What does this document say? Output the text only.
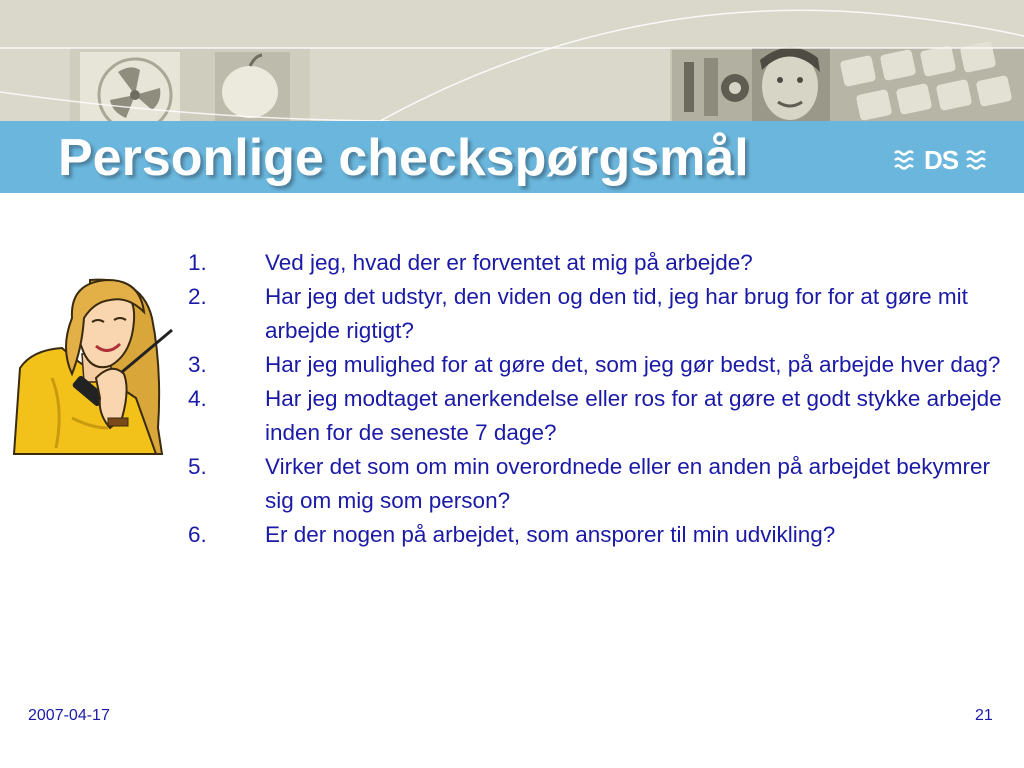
Personlige checkspørgsmål	DS
1.	Ved jeg, hvad der er forventet at mig på arbejde?
2.	Har jeg det udstyr, den viden og den tid, jeg har brug for for at gøre mit arbejde rigtigt?
3.	Har jeg mulighed for at gøre det, som jeg gør bedst, på arbejde hver dag?
4.	Har jeg modtaget anerkendelse eller ros for at gøre et godt stykke arbejde inden for de seneste 7 dage?
5.	Virker det som om min overordnede eller en anden på arbejdet bekymrer sig om mig som person?
6.	Er der nogen på arbejdet, som ansporer til min udvikling?
2007-04-17	21
